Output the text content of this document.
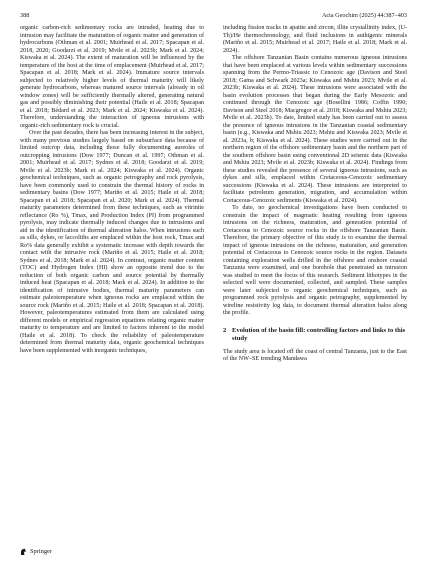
388	Acta Geochim (2025) 44:387–403

organic carbon-rich sedimentary rocks are intruded, heating due to intrusion may facilitate the maturation of organic matter and generation of hydrocarbons (Othman et al. 2001; Muirhead et al. 2017; Spacapan et al. 2018, 2020; Goodarzi et al. 2019; Mvile et al. 2023b; Mark et al. 2024; Kiswaka et al. 2024). The extent of maturation will be influenced by the temperature of the host at the time of emplacement (Muirhead et al. 2017; Spacapan et al. 2018; Mark et al. 2024). Immature source intervals subjected to relatively higher levels of thermal maturity will likely generate hydrocarbons, whereas matured source intervals (already in oil window zones) will be sufficiently thermally altered, generating natural gas and possibly diminishing their potential (Haile et al. 2018; Spacapan et al. 2018; Bédard et al. 2023; Mark et al. 2024; Kiswaka et al. 2024). Therefore, understanding the interaction of igneous intrusions with organic-rich sedimentary rock is crucial.

Over the past decades, there has been increasing interest in the subject, with many previous studies largely based on subsurface data because of limited outcrop data, including those fully documenting aureoles of outcropping intrusions (Dow 1977; Duncan et al. 1997; Othman et al. 2001; Muirhead et al. 2017; Sydnes et al. 2018; Goodarzi et al. 2019; Mvile et al. 2023b; Mark et al. 2024; Kiswaka et al. 2024). Organic geochemical techniques, such as organic petrography and rock pyrolysis, have been commonly used to constrain the thermal history of rocks in sedimentary basins (Dow 1977; Mariño et al. 2015; Haile et al. 2018; Spacapan et al. 2018; Spacapan et al. 2020; Mark et al. 2024). Thermal maturity parameters determined from these techniques, such as vitrinite reflectance (Ro %), Tmax, and Production Index (PI) from programmed pyrolysis, may indicate thermally induced changes due to intrusions and aid in the identification of thermal alteration halos. When intrusions such as sills, dykes, or laccoliths are emplaced within the host rock, Tmax and Ro% data generally exhibit a systematic increase with depth towards the contact with the intrusive rock (Mariño et al. 2015; Haile et al. 2018; Sydnes et al. 2018; Mark et al. 2024). In contrast, organic matter content (TOC) and Hydrogen Index (HI) show an opposite trend due to the reduction of both organic carbon and source potential by thermally induced heat (Spacapan et al. 2018; Mark et al. 2024). In addition to the identification of intrusive bodies, thermal maturity parameters can estimate paleotemperature when igneous rocks are emplaced within the source rock (Mariño et al. 2015; Haile et al. 2018; Spacapan et al. 2018). However, paleotemperatures estimated from them are calculated using different models or empirical regression equations relating organic matter maturity to temperature and are limited to factors inherent to the model (Haile et al. 2018). To check the reliability of paleotemperature determined from thermal maturity data, organic geochemical techniques have been supplemented with inorganic techniques,

including fission tracks in apatite and zircon, illite crystallinity index, (U-Th)/He thermochronology, and fluid inclusions in authigenic minerals (Mariño et al. 2015; Muirhead et al. 2017; Haile et al. 2018; Mark et al. 2024).

The offshore Tanzanian Basin contains numerous igneous intrusions that have been emplaced at various levels within sedimentary successions spanning from the Permo-Triassic to Cenozoic age (Davison and Steel 2018; Gama and Schwark 2023a; Kiswaka and Mshiu 2023; Mvile et al. 2023b; Kiswaka et al. 2024). These intrusions were associated with the basin evolution processes that began during the Early Mesozoic and continued through the Cenozoic age (Bosellini 1986; Coffin 1990; Davison and Steel 2018; Macgregor et al. 2018; Kiswaka and Mshiu 2023; Mvile et al. 2023b). To date, limited study has been carried out to assess the presence of igneous intrusions in the Tanzanian coastal sedimentary basin (e.g., Kiswaka and Mshiu 2023; Mshiu and Kiswaka 2023; Mvile et al. 2023a, b; Kiswaka et al. 2024). These studies were carried out in the northern region of the offshore sedimentary basin and the northern part of the southern offshore basin using conventional 2D seismic data (Kiswaka and Mshiu 2023; Mvile et al. 2023b; Kiswaka et al. 2024). Findings from these studies revealed the presence of several igneous intrusions, such as dykes and sills, emplaced within Cretaceous-Cenozoic sedimentary successions (Kiswaka et al. 2024). These intrusions are interpreted to facilitate petroleum generation, migration, and accumulation within Cretaceous-Cenozoic sediments (Kiswaka et al. 2024).

To date, no geochemical investigations have been conducted to constrain the impact of magmatic heating resulting from igneous intrusions on the richness, maturation, and generation potential of Cretaceous to Cenozoic source rocks in the offshore Tanzanian Basin. Therefore, the primary objective of this study is to examine the thermal impact of igneous intrusions on the richness, maturation, and generation potential of Cretaceous to Cenozoic source rocks in the region. Datasets containing exploration wells drilled in the offshore and onshore coastal Tanzania were examined, and one borehole that penetrated an intrusion was studied to meet the focus of this research. Sediment lithotypes in the selected well were documented, collected, and sampled. These samples were later subjected to organic geochemical techniques, such as programmed rock pyrolysis and organic petrography, supplemented by wireline resistivity log data, to document thermal alteration halos along the profile.

2 Evolution of the basin fill: controlling factors and links to this study

The study area is located off the coast of central Tanzania, just to the East of the NW–SE trending Mandawa

Springer
